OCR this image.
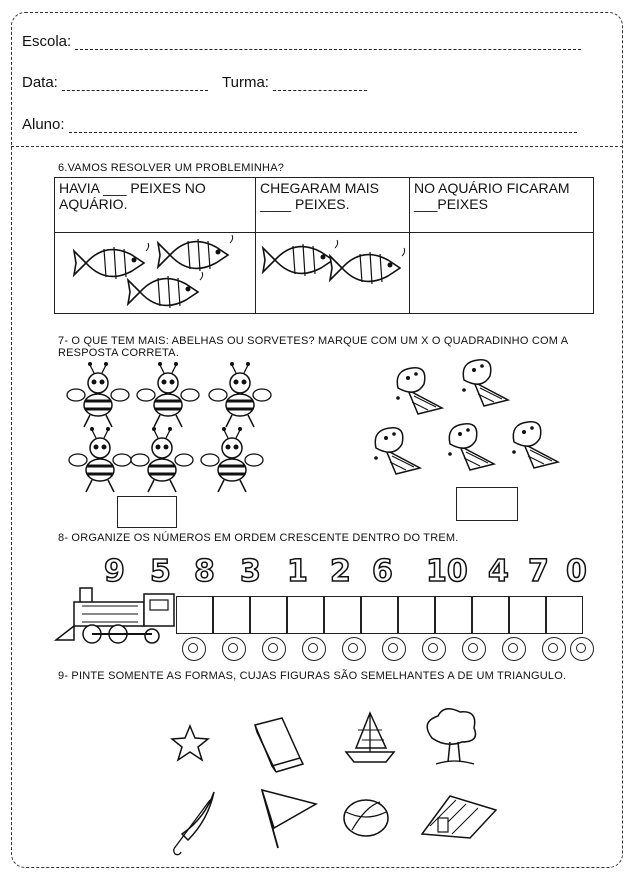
Escola:
Data:	Turma:
Aluno:
6.VAMOS RESOLVER UM PROBLEMINHA?
HAVIA ___ PEIXES NO AQUÁRIO.	CHEGARAM MAIS ____ PEIXES.	NO AQUÁRIO FICARAM ___PEIXES

7- O QUE TEM MAIS: ABELHAS OU SORVETES? MARQUE COM UM X O QUADRADINHO COM A RESPOSTA CORRETA.
8- ORGANIZE OS NÚMEROS EM ORDEM CRESCENTE DENTRO DO TREM.
9 5 8 3 1 2 6 10 4 7 0
9- PINTE SOMENTE AS FORMAS, CUJAS FIGURAS SÃO SEMELHANTES A DE UM TRIANGULO.
